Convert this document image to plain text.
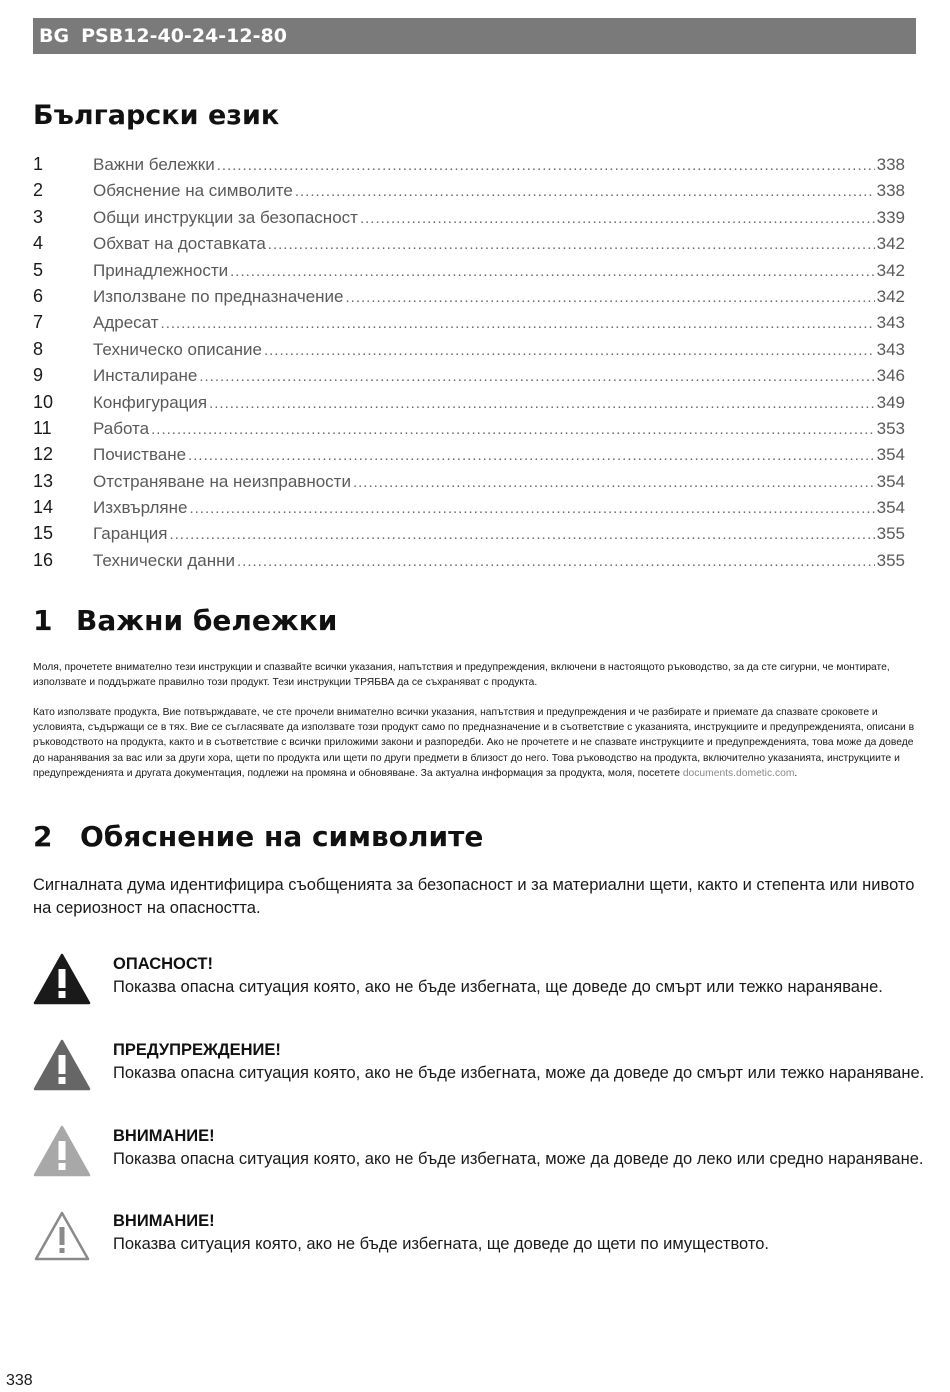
BG PSB12-40-24-12-80
Български език
1	Важни бележки .....	338
2	Обяснение на символите .....	338
3	Общи инструкции за безопасност .....	339
4	Обхват на доставката .....	342
5	Принадлежности .....	342
6	Използване по предназначение .....	342
7	Адресат .....	343
8	Техническо описание .....	343
9	Инсталиране .....	346
10	Конфигурация .....	349
11	Работа .....	353
12	Почистване .....	354
13	Отстраняване на неизправности .....	354
14	Изхвърляне .....	354
15	Гаранция .....	355
16	Технически данни .....	355
1 Важни бележки

Моля, прочетете внимателно тези инструкции и спазвайте всички указания, напътствия и предупреждения, включени в настоящото ръководство, за да сте сигурни, че монтирате, използвате и поддържате правилно този продукт. Тези инструкции ТРЯБВА да се съхраняват с продукта.

Като използвате продукта, Вие потвърждавате, че сте прочели внимателно всички указания, напътствия и предупреждения и че разбирате и приемате да спазвате сроковете и условията, съдържащи се в тях. Вие се съгласявате да използвате този продукт само по предназначение и в съответствие с указанията, инструкциите и предупрежденията, описани в ръководството на продукта, както и в съответствие с всички приложими закони и разпоредби. Ако не прочетете и не спазвате инструкциите и предупрежденията, това може да доведе до наранявания за вас или за други хора, щети по продукта или щети по други предмети в близост до него. Това ръководство на продукта, включително указанията, инструкциите и предупрежденията и другата документация, подлежи на промяна и обновяване. За актуална информация за продукта, моля, посетете documents.dometic.com.

2 Обяснение на символите

Сигналната дума идентифицира съобщенията за безопасност и за материални щети, както и степента или нивото на сериозност на опасността.

ОПАСНОСТ!
Показва опасна ситуация която, ако не бъде избегната, ще доведе до смърт или тежко нараняване.
ПРЕДУПРЕЖДЕНИЕ!
Показва опасна ситуация която, ако не бъде избегната, може да доведе до смърт или тежко нараняване.
ВНИМАНИЕ!
Показва опасна ситуация която, ако не бъде избегната, може да доведе до леко или средно нараняване.
ВНИМАНИЕ!
Показва ситуация която, ако не бъде избегната, ще доведе до щети по имуществото.
338
